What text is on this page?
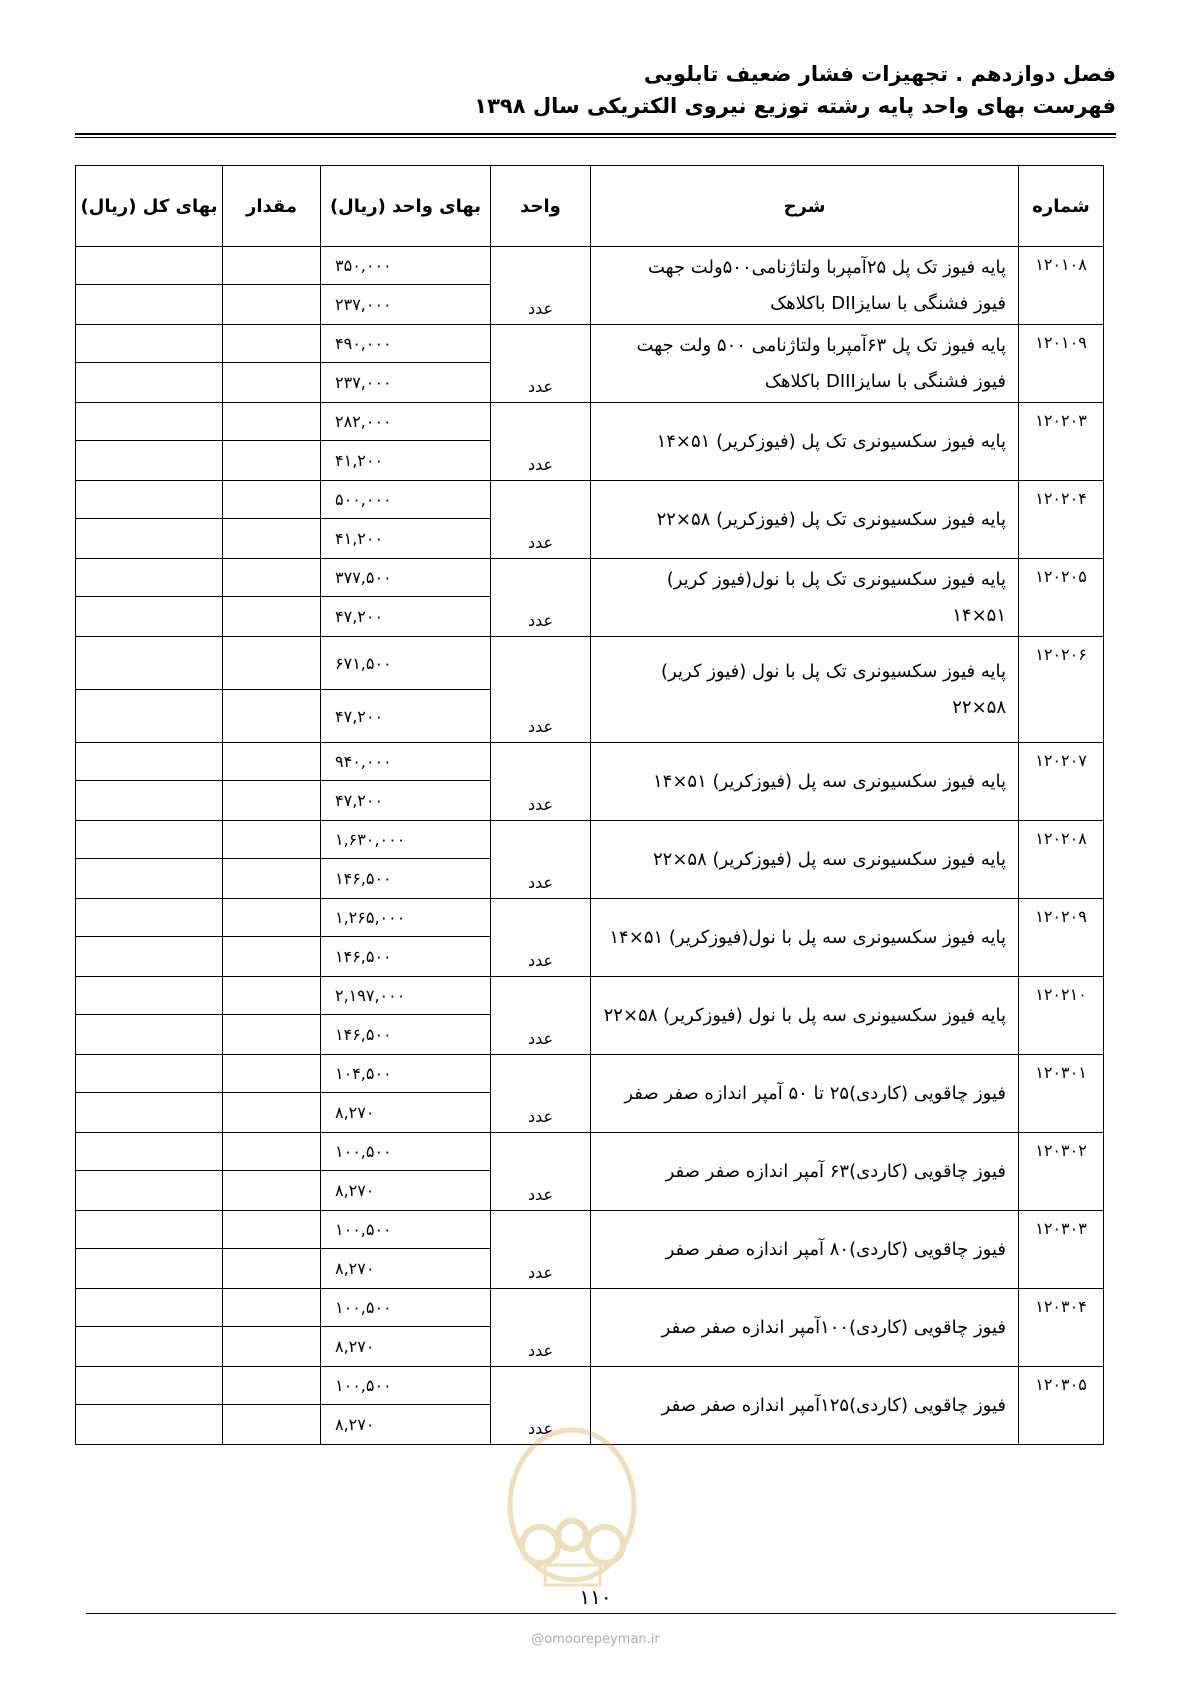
فصل دوازدهم . تجهیزات فشار ضعیف تابلویی
فهرست بهای واحد پایه رشته توزیع نیروی الکتریکی سال ۱۳۹۸
شماره	شرح	واحد	بهای واحد (ریال)	مقدار	بهای کل (ریال)
۱۲۰۱۰۸	پایه فیوز تک پل ۲۵آمپربا ولتاژنامی۵۰۰ولت جهت
فیوز فشنگی با سایزDII باکلاهک	عدد	۳۵۰,۰۰۰		
			۲۳۷,۰۰۰		
۱۲۰۱۰۹	پایه فیوز تک پل ۶۳آمپربا ولتاژنامی ۵۰۰ ولت جهت
فیوز فشنگی با سایزDIII باکلاهک	عدد	۴۹۰,۰۰۰		
			۲۳۷,۰۰۰		
۱۲۰۲۰۳	پایه فیوز سکسیونری تک پل (فیوزکریر) ۵۱×۱۴	عدد	۲۸۲,۰۰۰		
			۴۱,۲۰۰		
۱۲۰۲۰۴	پایه فیوز سکسیونری تک پل (فیوزکریر) ۵۸×۲۲	عدد	۵۰۰,۰۰۰		
			۴۱,۲۰۰		
۱۲۰۲۰۵	پایه فیوز سکسیونری تک پل با نول(فیوز کریر)
۵۱×۱۴	عدد	۳۷۷,۵۰۰		
			۴۷,۲۰۰		
۱۲۰۲۰۶	پایه فیوز سکسیونری تک پل با نول (فیوز کریر)
۵۸×۲۲	عدد	۶۷۱,۵۰۰		
			۴۷,۲۰۰		
۱۲۰۲۰۷	پایه فیوز سکسیونری سه پل (فیوزکریر) ۵۱×۱۴	عدد	۹۴۰,۰۰۰		
			۴۷,۲۰۰		
۱۲۰۲۰۸	پایه فیوز سکسیونری سه پل (فیوزکریر) ۵۸×۲۲	عدد	۱,۶۳۰,۰۰۰		
			۱۴۶,۵۰۰		
۱۲۰۲۰۹	پایه فیوز سکسیونری سه پل با نول(فیوزکریر) ۵۱×۱۴	عدد	۱,۲۶۵,۰۰۰		
			۱۴۶,۵۰۰		
۱۲۰۲۱۰	پایه فیوز سکسیونری سه پل با نول (فیوزکریر) ۵۸×۲۲	عدد	۲,۱۹۷,۰۰۰		
			۱۴۶,۵۰۰		
۱۲۰۳۰۱	فیوز چاقویی (کاردی)۲۵ تا ۵۰ آمپر اندازه صفر صفر	عدد	۱۰۴,۵۰۰		
			۸,۲۷۰		
۱۲۰۳۰۲	فیوز چاقویی (کاردی)۶۳ آمپر اندازه صفر صفر	عدد	۱۰۰,۵۰۰		
			۸,۲۷۰		
۱۲۰۳۰۳	فیوز چاقویی (کاردی)۸۰ آمپر اندازه صفر صفر	عدد	۱۰۰,۵۰۰		
			۸,۲۷۰		
۱۲۰۳۰۴	فیوز چاقویی (کاردی)۱۰۰آمپر اندازه صفر صفر	عدد	۱۰۰,۵۰۰		
			۸,۲۷۰		
۱۲۰۳۰۵	فیوز چاقویی (کاردی)۱۲۵آمپر اندازه صفر صفر	عدد	۱۰۰,۵۰۰		
			۸,۲۷۰		
۱۱۰
@omoorepeyman.ir
